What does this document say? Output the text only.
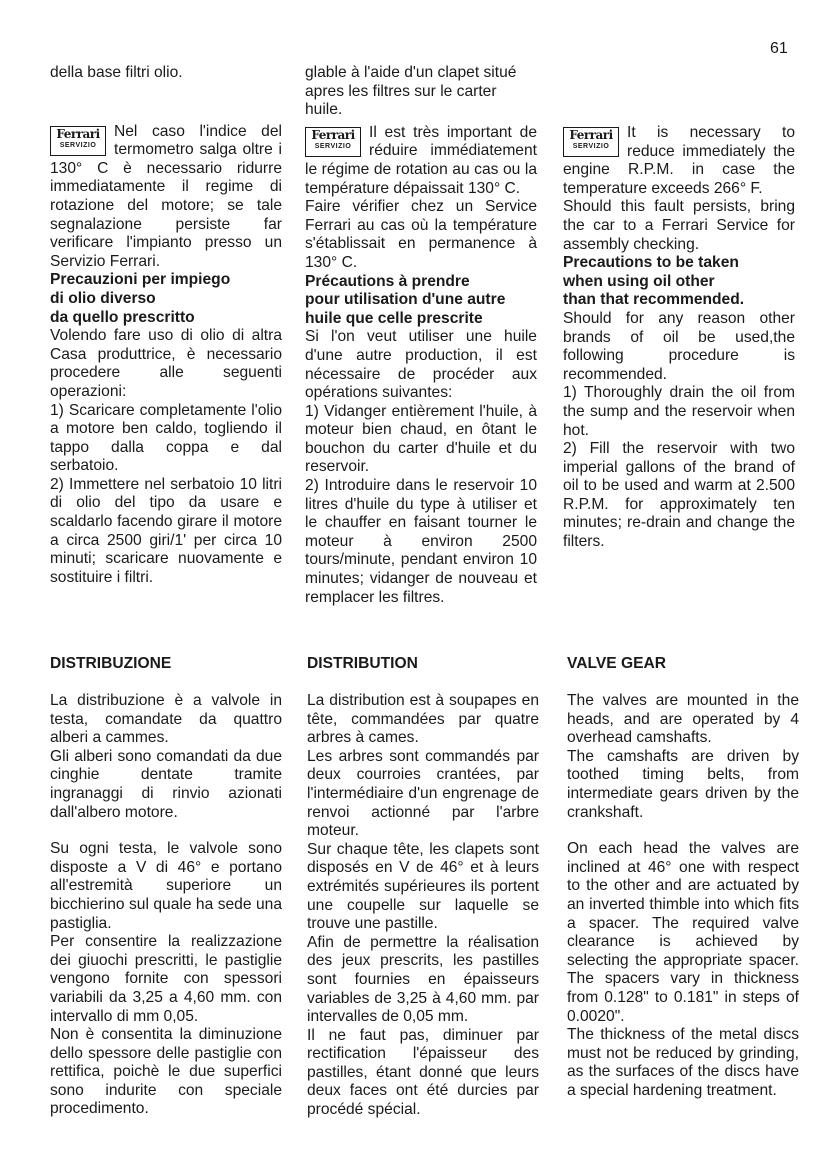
61

della base filtri olio.

Ferrari
SERVIZIO

Nel caso l'indice del termometro salga oltre i 130° C è necessario ridurre immediatamente il regime di rotazione del motore; se tale segnalazione persiste far verificare l'impianto presso un Servizio Ferrari.

Precauzioni per impiego

di olio diverso

da quello prescritto

Volendo fare uso di olio di altra Casa produttrice, è necessario procedere alle seguenti operazioni:

1) Scaricare completamente l'olio a motore ben caldo, togliendo il tappo dalla coppa e dal serbatoio.

2) Immettere nel serbatoio 10 litri di olio del tipo da usare e scaldarlo facendo girare il motore a circa 2500 giri/1' per circa 10 minuti; scaricare nuovamente e sostituire i filtri.

DISTRIBUZIONE

La distribuzione è a valvole in testa, comandate da quattro alberi a cammes.

Gli alberi sono comandati da due cinghie dentate tramite ingranaggi di rinvio azionati dall'albero motore.

Su ogni testa, le valvole sono disposte a V di 46° e portano all'estremità superiore un bicchierino sul quale ha sede una pastiglia.

Per consentire la realizzazione dei giuochi prescritti, le pastiglie vengono fornite con spessori variabili da 3,25 a 4,60 mm. con intervallo di mm 0,05.

Non è consentita la diminuzione dello spessore delle pastiglie con rettifica, poichè le due superfici sono indurite con speciale procedimento.

glable à l'aide d'un clapet situé apres les filtres sur le carter huile.

Ferrari
SERVIZIO

Il est très important de réduire immédiatement le régime de rotation au cas ou la température dépaissait 130° C.

Faire vérifier chez un Service Ferrari au cas où la température s'établissait en permanence à 130° C.

Précautions à prendre

pour utilisation d'une autre

huile que celle prescrite

Si l'on veut utiliser une huile d'une autre production, il est nécessaire de procéder aux opérations suivantes:

1) Vidanger entièrement l'huile, à moteur bien chaud, en ôtant le bouchon du carter d'huile et du reservoir.

2) Introduire dans le reservoir 10 litres d'huile du type à utiliser et le chauffer en faisant tourner le moteur à environ 2500 tours/minute, pendant environ 10 minutes; vidanger de nouveau et remplacer les filtres.

DISTRIBUTION

La distribution est à soupapes en tête, commandées par quatre arbres à cames.

Les arbres sont commandés par deux courroies crantées, par l'intermédiaire d'un engrenage de renvoi actionné par l'arbre moteur.

Sur chaque tête, les clapets sont disposés en V de 46° et à leurs extrémités supérieures ils portent une coupelle sur laquelle se trouve une pastille.

Afin de permettre la réalisation des jeux prescrits, les pastilles sont fournies en épaisseurs variables de 3,25 à 4,60 mm. par intervalles de 0,05 mm.

Il ne faut pas, diminuer par rectification l'épaisseur des pastilles, étant donné que leurs deux faces ont été durcies par procédé spécial.

Ferrari
SERVIZIO

It is necessary to reduce immediately the engine R.P.M. in case the temperature exceeds 266° F.

Should this fault persists, bring the car to a Ferrari Service for assembly checking.

Precautions to be taken

when using oil other

than that recommended.

Should for any reason other brands of oil be used,the following procedure is recommended.

1) Thoroughly drain the oil from the sump and the reservoir when hot.

2) Fill the reservoir with two imperial gallons of the brand of oil to be used and warm at 2.500 R.P.M. for approximately ten minutes; re-drain and change the filters.

VALVE GEAR

The valves are mounted in the heads, and are operated by 4 overhead camshafts.

The camshafts are driven by toothed timing belts, from intermediate gears driven by the crankshaft.

On each head the valves are inclined at 46° one with respect to the other and are actuated by an inverted thimble into which fits a spacer. The required valve clearance is achieved by selecting the appropriate spacer. The spacers vary in thickness from 0.128" to 0.181" in steps of 0.0020".

The thickness of the metal discs must not be reduced by grinding, as the surfaces of the discs have a special hardening treatment.
